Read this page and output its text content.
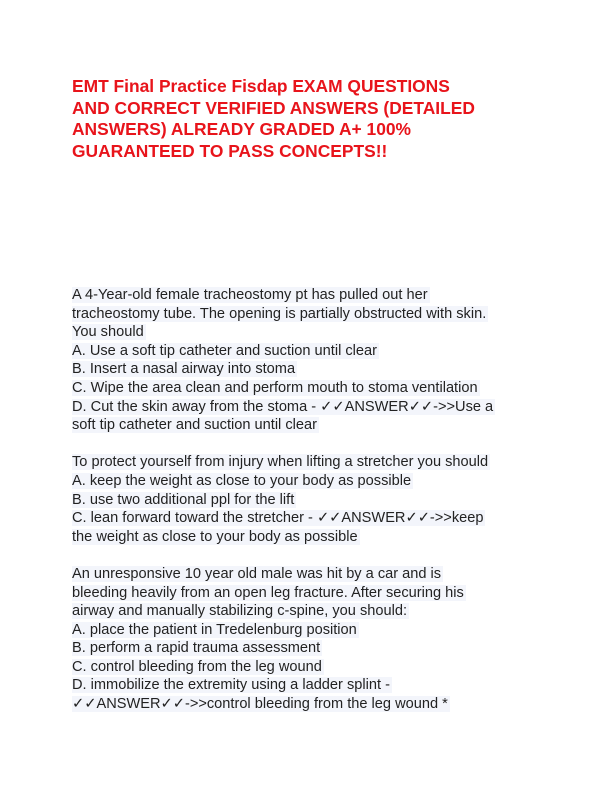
EMT Final Practice Fisdap EXAM QUESTIONS
AND CORRECT VERIFIED ANSWERS (DETAILED
ANSWERS) ALREADY GRADED A+ 100%
GUARANTEED TO PASS CONCEPTS!!
A 4-Year-old female tracheostomy pt has pulled out her
tracheostomy tube. The opening is partially obstructed with skin.
You should
A. Use a soft tip catheter and suction until clear
B. Insert a nasal airway into stoma
C. Wipe the area clean and perform mouth to stoma ventilation
D. Cut the skin away from the stoma - ✓✓ANSWER✓✓->>Use a
soft tip catheter and suction until clear
To protect yourself from injury when lifting a stretcher you should
A. keep the weight as close to your body as possible
B. use two additional ppl for the lift
C. lean forward toward the stretcher - ✓✓ANSWER✓✓->>keep
the weight as close to your body as possible
An unresponsive 10 year old male was hit by a car and is
bleeding heavily from an open leg fracture. After securing his
airway and manually stabilizing c-spine, you should:
A. place the patient in Tredelenburg position
B. perform a rapid trauma assessment
C. control bleeding from the leg wound
D. immobilize the extremity using a ladder splint -
✓✓ANSWER✓✓->>control bleeding from the leg wound *
